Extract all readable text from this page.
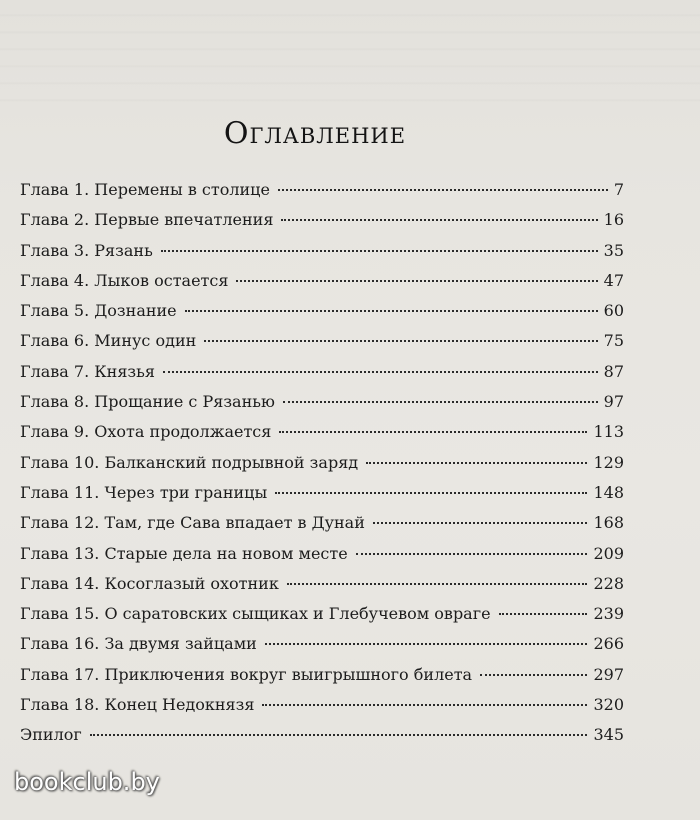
Оглавление
Глава 1. Перемены в столице	7
Глава 2. Первые впечатления	16
Глава 3. Рязань	35
Глава 4. Лыков остается	47
Глава 5. Дознание	60
Глава 6. Минус один	75
Глава 7. Князья	87
Глава 8. Прощание с Рязанью	97
Глава 9. Охота продолжается	113
Глава 10. Балканский подрывной заряд	129
Глава 11. Через три границы	148
Глава 12. Там, где Сава впадает в Дунай	168
Глава 13. Старые дела на новом месте	209
Глава 14. Косоглазый охотник	228
Глава 15. О саратовских сыщиках и Глебучевом овраге	239
Глава 16. За двумя зайцами	266
Глава 17. Приключения вокруг выигрышного билета	297
Глава 18. Конец Недокнязя	320
Эпилог	345
bookclub.by
